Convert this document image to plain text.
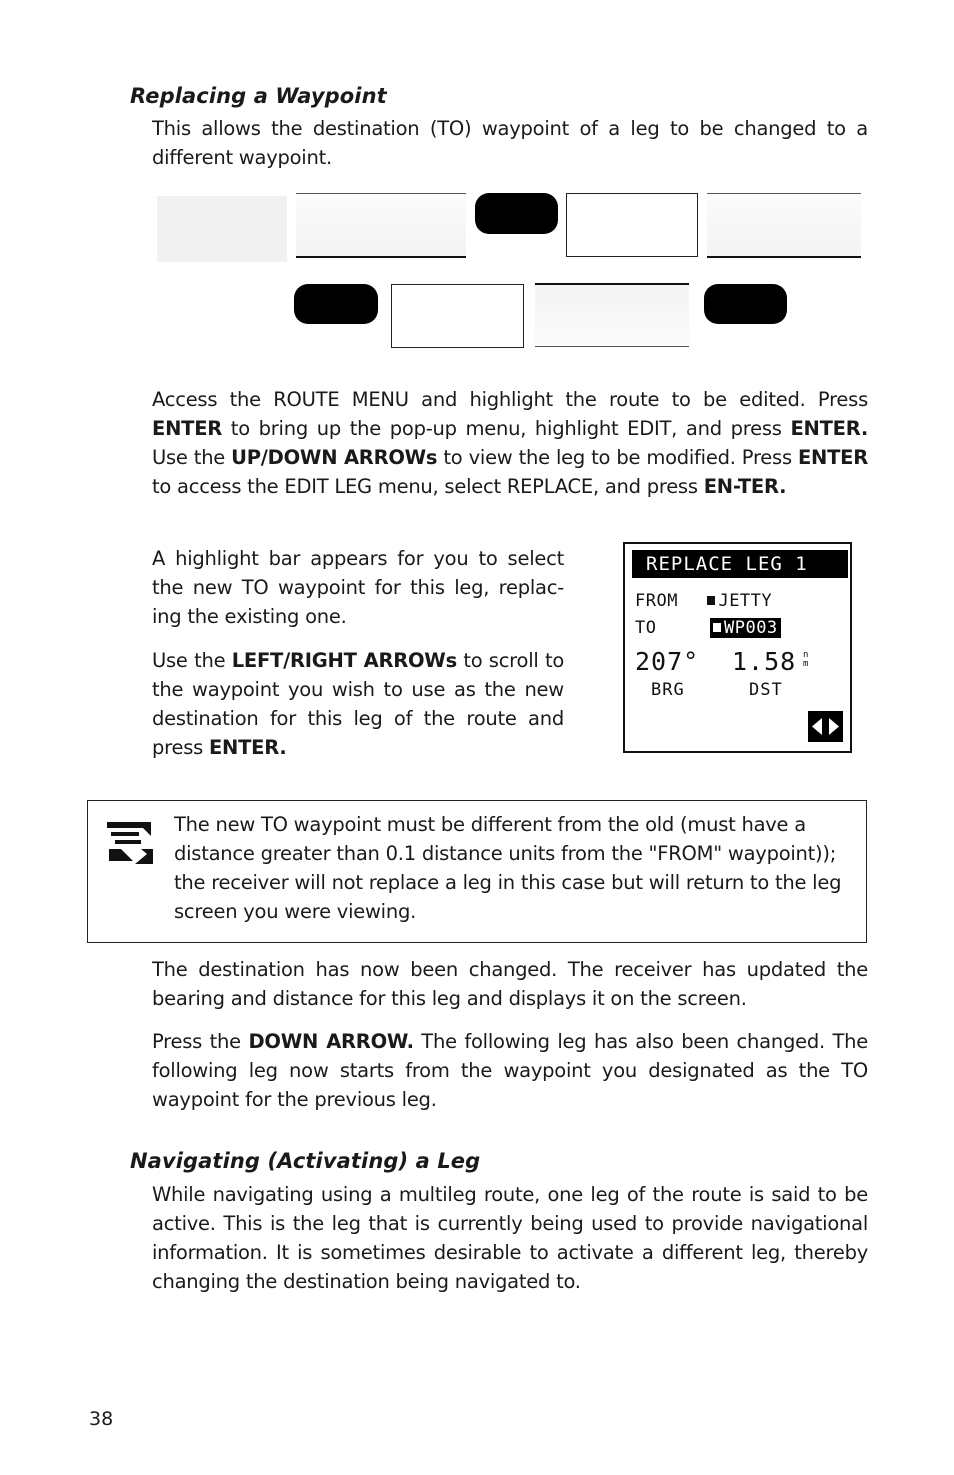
Replacing a Waypoint
This allows the destination (TO) waypoint of a leg to be changed to a different waypoint.
Access the ROUTE MENU and highlight the route to be edited. Press ENTER to bring up the pop-up menu, highlight EDIT, and press ENTER. Use the UP/DOWN ARROWs to view the leg to be modified. Press ENTER to access the EDIT LEG menu, select REPLACE, and press EN-TER.
A highlight bar appears for you to select the new TO waypoint for this leg, replac-ing the existing one.
Use the LEFT/RIGHT ARROWs to scroll to the waypoint you wish to use as the new destination for this leg of the route and press ENTER.
REPLACE LEG 1
FROM JETTY
TO	WP003
207° 1.58 n
m
BRG	DST
The new TO waypoint must be different from the old (must have a distance greater than 0.1 distance units from the "FROM" waypoint)); the receiver will not replace a leg in this case but will return to the leg screen you were viewing.
The destination has now been changed. The receiver has updated the bearing and distance for this leg and displays it on the screen.
Press the DOWN ARROW. The following leg has also been changed. The following leg now starts from the waypoint you designated as the TO waypoint for the previous leg.
Navigating (Activating) a Leg
While navigating using a multileg route, one leg of the route is said to be active. This is the leg that is currently being used to provide navigational information. It is sometimes desirable to activate a different leg, thereby changing the destination being navigated to.
38
